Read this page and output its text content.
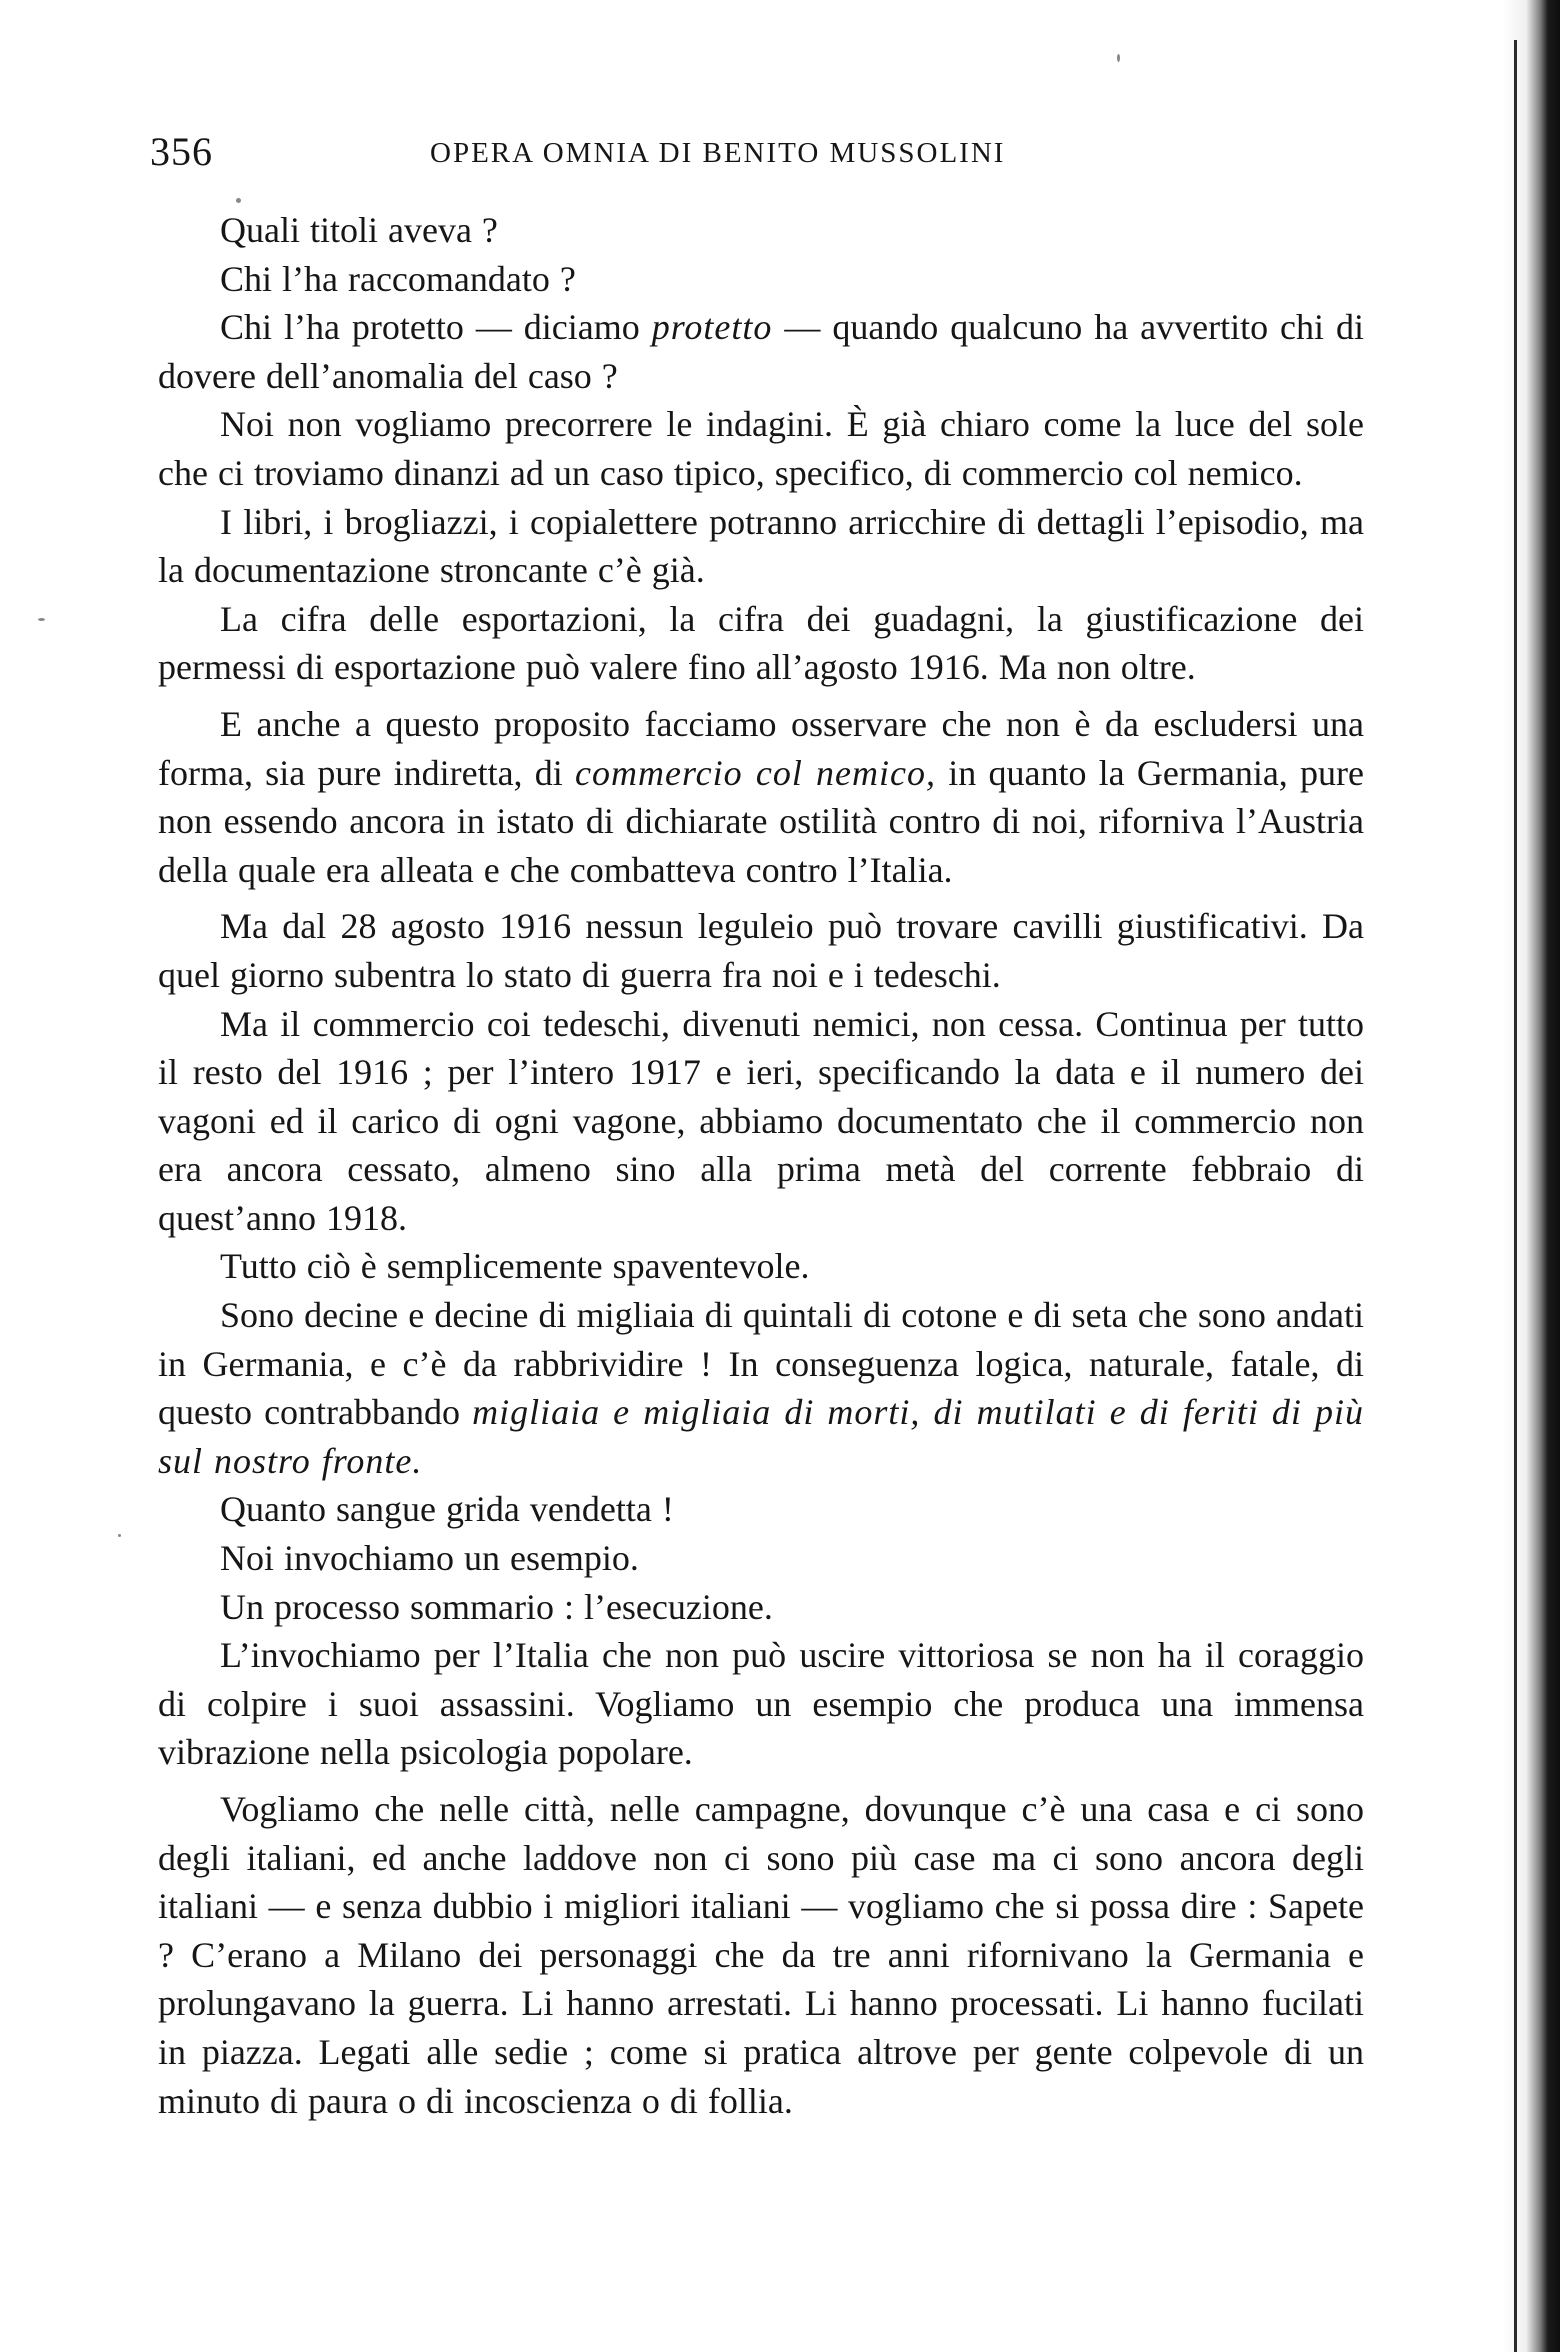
356	OPERA OMNIA DI BENITO MUSSOLINI

Quali titoli aveva ?

Chi l’ha raccomandato ?

Chi l’ha protetto — diciamo protetto — quando qualcuno ha avvertito chi di dovere dell’anomalia del caso ?

Noi non vogliamo precorrere le indagini. È già chiaro come la luce del sole che ci troviamo dinanzi ad un caso tipico, specifico, di commercio col nemico.

I libri, i brogliazzi, i copialettere potranno arricchire di dettagli l’episodio, ma la documentazione stroncante c’è già.

La cifra delle esportazioni, la cifra dei guadagni, la giustificazione dei permessi di esportazione può valere fino all’agosto 1916. Ma non oltre.

E anche a questo proposito facciamo osservare che non è da escludersi una forma, sia pure indiretta, di commercio col nemico, in quanto la Germania, pure non essendo ancora in istato di dichiarate ostilità contro di noi, riforniva l’Austria della quale era alleata e che combatteva contro l’Italia.

Ma dal 28 agosto 1916 nessun leguleio può trovare cavilli giustificativi. Da quel giorno subentra lo stato di guerra fra noi e i tedeschi.

Ma il commercio coi tedeschi, divenuti nemici, non cessa. Continua per tutto il resto del 1916 ; per l’intero 1917 e ieri, specificando la data e il numero dei vagoni ed il carico di ogni vagone, abbiamo documentato che il commercio non era ancora cessato, almeno sino alla prima metà del corrente febbraio di quest’anno 1918.

Tutto ciò è semplicemente spaventevole.

Sono decine e decine di migliaia di quintali di cotone e di seta che sono andati in Germania, e c’è da rabbrividire ! In conseguenza logica, naturale, fatale, di questo contrabbando migliaia e migliaia di morti, di mutilati e di feriti di più sul nostro fronte.

Quanto sangue grida vendetta !

Noi invochiamo un esempio.

Un processo sommario : l’esecuzione.

L’invochiamo per l’Italia che non può uscire vittoriosa se non ha il coraggio di colpire i suoi assassini. Vogliamo un esempio che produca una immensa vibrazione nella psicologia popolare.

Vogliamo che nelle città, nelle campagne, dovunque c’è una casa e ci sono degli italiani, ed anche laddove non ci sono più case ma ci sono ancora degli italiani — e senza dubbio i migliori italiani — vogliamo che si possa dire : Sapete ? C’erano a Milano dei personaggi che da tre anni rifornivano la Germania e prolungavano la guerra. Li hanno arrestati. Li hanno processati. Li hanno fucilati in piazza. Legati alle sedie ; come si pratica altrove per gente colpevole di un minuto di paura o di incoscienza o di follia.
